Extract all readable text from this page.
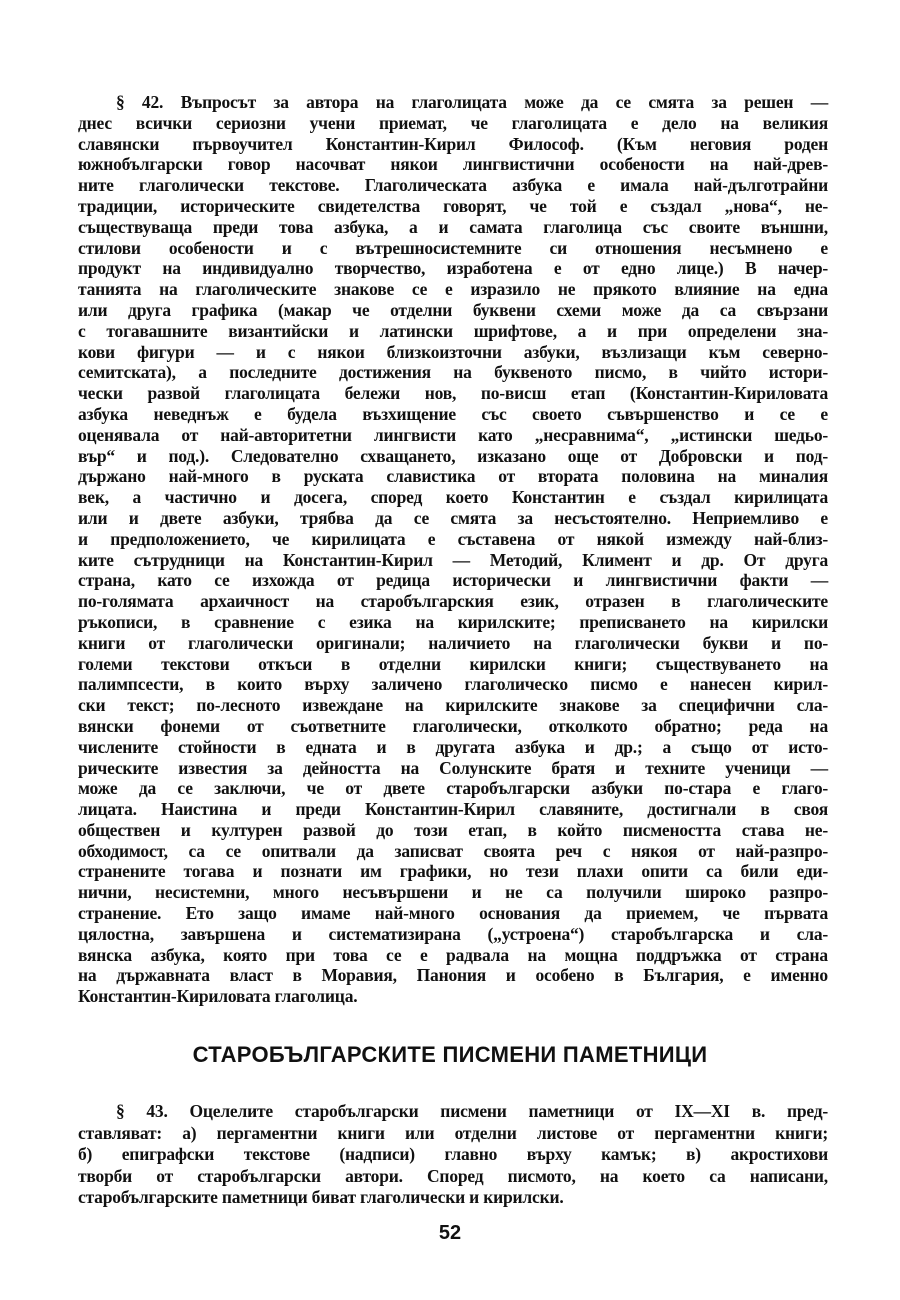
§ 42. Въпросът за автора на глаголицата може да се смята за решен —
днес всички сериозни учени приемат, че глаголицата е дело на великия
славянски първоучител Константин-Кирил Философ. (Към неговия роден
южнобългарски говор насочват някои лингвистични особености на най-древ-
ните глаголически текстове. Глаголическата азбука е имала най-дълготрайни
традиции, историческите свидетелства говорят, че той е създал „нова“, не-
съществуваща преди това азбука, а и самата глаголица със своите външни,
стилови особености и с вътрешносистемните си отношения несъмнено е
продукт на индивидуално творчество, изработена е от едно лице.) В начер-
танията на глаголическите знакове се е изразило не прякото влияние на една
или друга графика (макар че отделни буквени схеми може да са свързани
с тогавашните византийски и латински шрифтове, а и при определени зна-
кови фигури — и с някои близкоизточни азбуки, възлизащи към северно-
семитската), а последните достижения на буквеното писмо, в чийто истори-
чески развой глаголицата бележи нов, по-висш етап (Константин-Кириловата
азбука неведнъж е будела възхищение със своето съвършенство и се е
оценявала от най-авторитетни лингвисти като „несравнима“, „истински шедьо-
вър“ и под.). Следователно схващането, изказано още от Добровски и под-
държано най-много в руската славистика от втората половина на миналия
век, а частично и досега, според което Константин е създал кирилицата
или и двете азбуки, трябва да се смята за несъстоятелно. Неприемливо е
и предположението, че кирилицата е съставена от някой измежду най-близ-
ките сътрудници на Константин-Кирил — Методий, Климент и др. От друга
страна, като се изхожда от редица исторически и лингвистични факти —
по-голямата архаичност на старобългарския език, отразен в глаголическите
ръкописи, в сравнение с езика на кирилските; преписването на кирилски
книги от глаголически оригинали; наличието на глаголически букви и по-
големи текстови откъси в отделни кирилски книги; съществуването на
палимпсести, в които върху заличено глаголическо писмо е нанесен кирил-
ски текст; по-лесното извеждане на кирилските знакове за специфични сла-
вянски фонеми от съответните глаголически, отколкото обратно; реда на
числените стойности в едната и в другата азбука и др.; а също от исто-
рическите известия за дейността на Солунските братя и техните ученици —
може да се заключи, че от двете старобългарски азбуки по-стара е глаго-
лицата. Наистина и преди Константин-Кирил славяните, достигнали в своя
обществен и културен развой до този етап, в който писмеността става не-
обходимост, са се опитвали да записват своята реч с някоя от най-разпро-
странените тогава и познати им графики, но тези плахи опити са били еди-
нични, несистемни, много несъвършени и не са получили широко разпро-
странение. Ето защо имаме най-много основания да приемем, че първата
цялостна, завършена и систематизирана („устроена“) старобългарска и сла-
вянска азбука, която при това се е радвала на мощна поддръжка от страна
на държавната власт в Моравия, Панония и особено в България, е именно
Константин-Кириловата глаголица.
СТАРОБЪЛГАРСКИТЕ ПИСМЕНИ ПАМЕТНИЦИ
§ 43. Оцелелите старобългарски писмени паметници от IX—XI в. пред-
ставляват: а) пергаментни книги или отделни листове от пергаментни книги;
б) епиграфски текстове (надписи) главно върху камък; в) акростихови
творби от старобългарски автори. Според писмото, на което са написани,
старобългарските паметници биват глаголически и кирилски.
52
